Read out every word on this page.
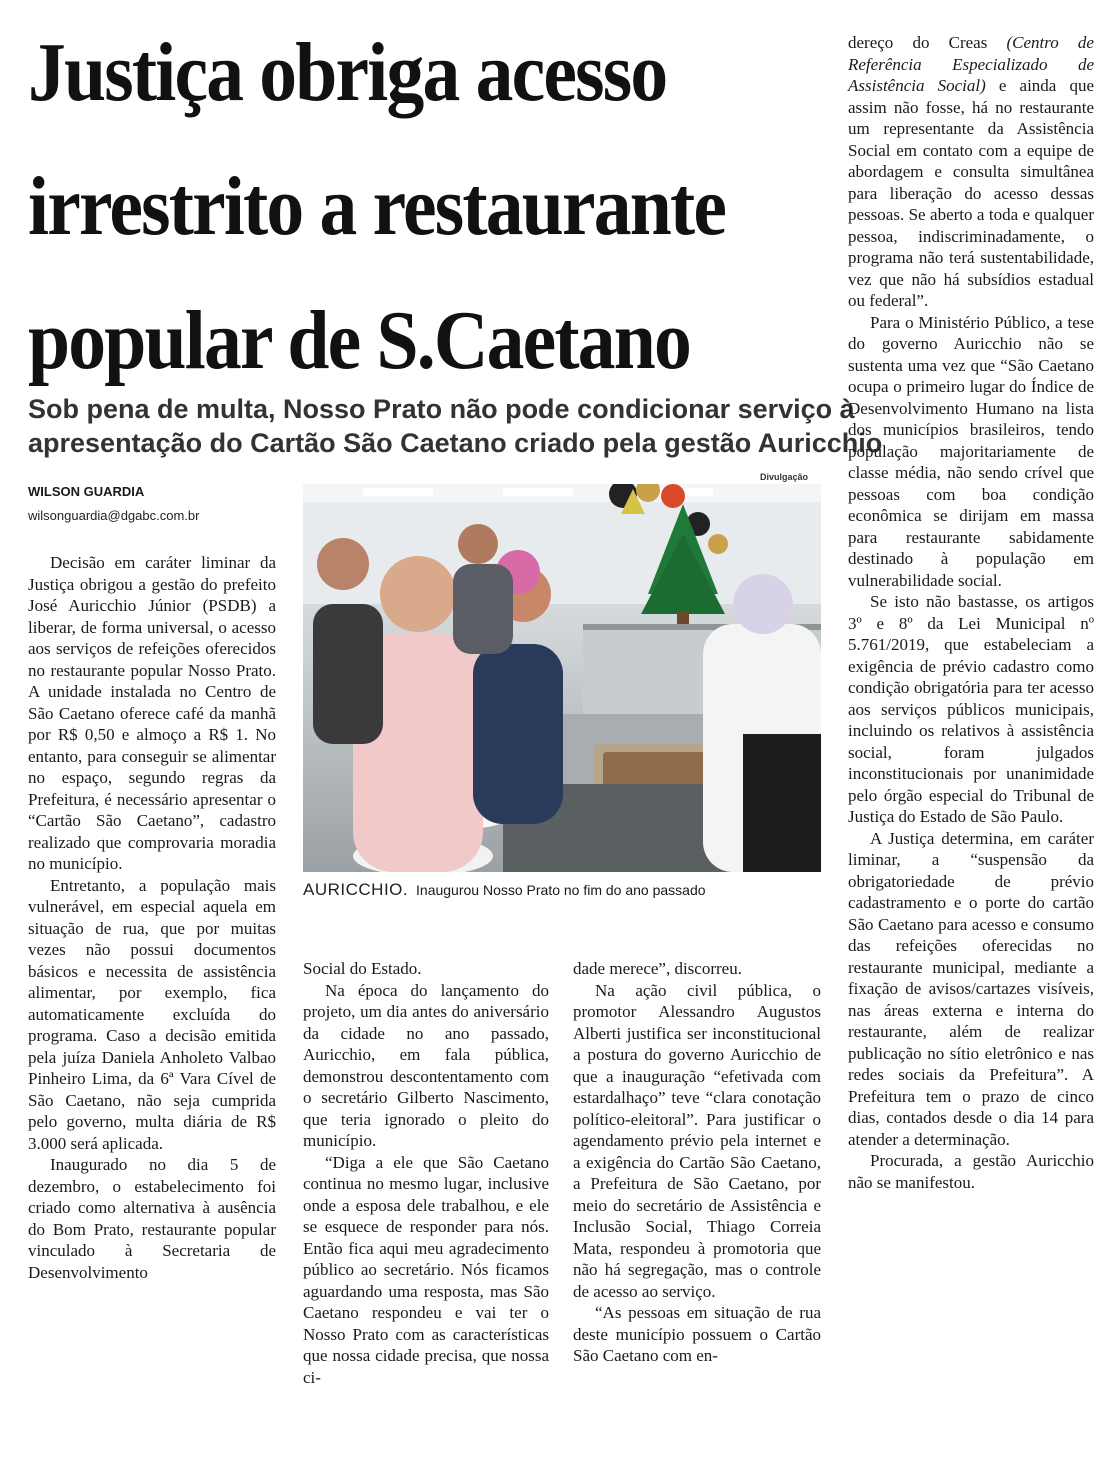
Justiça obriga acesso
irrestrito a restaurante
popular de S.Caetano
Sob pena de multa, Nosso Prato não pode condicionar serviço à
apresentação do Cartão São Caetano criado pela gestão Auricchio
WILSON GUARDIA
wilsonguardia@dgabc.com.br
Divulgação
AURICCHIO. Inaugurou Nosso Prato no fim do ano passado

Decisão em caráter liminar da Justiça obrigou a gestão do prefeito José Auricchio Júnior (PSDB) a liberar, de forma universal, o acesso aos serviços de refeições oferecidos no restaurante popular Nosso Prato. A unidade instalada no Centro de São Caetano oferece café da manhã por R$ 0,50 e almoço a R$ 1. No entanto, para conseguir se alimentar no espaço, segundo regras da Prefeitura, é necessário apresentar o “Cartão São Caetano”, cadastro realizado que comprovaria moradia no município.

Entretanto, a população mais vulnerável, em especial aquela em situação de rua, que por muitas vezes não possui documentos básicos e necessita de assistência alimentar, por exemplo, fica automaticamente excluída do programa. Caso a decisão emitida pela juíza Daniela Anholeto Valbao Pinheiro Lima, da 6ª Vara Cível de São Caetano, não seja cumprida pelo governo, multa diária de R$ 3.000 será aplicada.

Inaugurado no dia 5 de dezembro, o estabelecimento foi criado como alternativa à ausência do Bom Prato, restaurante popular vinculado à Secretaria de Desenvolvimento

Social do Estado.

Na época do lançamento do projeto, um dia antes do aniversário da cidade no ano passado, Auricchio, em fala pública, demonstrou descontentamento com o secretário Gilberto Nascimento, que teria ignorado o pleito do município.

“Diga a ele que São Caetano continua no mesmo lugar, inclusive onde a esposa dele trabalhou, e ele se esquece de responder para nós. Então fica aqui meu agradecimento público ao secretário. Nós ficamos aguardando uma resposta, mas São Caetano respondeu e vai ter o Nosso Prato com as características que nossa cidade precisa, que nossa ci-

dade merece”, discorreu.

Na ação civil pública, o promotor Alessandro Augustos Alberti justifica ser inconstitucional a postura do governo Auricchio de que a inauguração “efetivada com estardalhaço” teve “clara conotação político-eleitoral”. Para justificar o agendamento prévio pela internet e a exigência do Cartão São Caetano, a Prefeitura de São Caetano, por meio do secretário de Assistência e Inclusão Social, Thiago Correia Mata, respondeu à promotoria que não há segregação, mas o controle de acesso ao serviço.

“As pessoas em situação de rua deste município possuem o Cartão São Caetano com en-

dereço do Creas (Centro de Referência Especializado de Assistência Social) e ainda que assim não fosse, há no restaurante um representante da Assistência Social em contato com a equipe de abordagem e consulta simultânea para liberação do acesso dessas pessoas. Se aberto a toda e qualquer pessoa, indiscriminadamente, o programa não terá sustentabilidade, vez que não há subsídios estadual ou federal”.

Para o Ministério Público, a tese do governo Auricchio não se sustenta uma vez que “São Caetano ocupa o primeiro lugar do Índice de Desenvolvimento Humano na lista dos municípios brasileiros, tendo população majoritariamente de classe média, não sendo crível que pessoas com boa condição econômica se dirijam em massa para restaurante sabidamente destinado à população em vulnerabilidade social.

Se isto não bastasse, os artigos 3º e 8º da Lei Municipal nº 5.761/2019, que estabeleciam a exigência de prévio cadastro como condição obrigatória para ter acesso aos serviços públicos municipais, incluindo os relativos à assistência social, foram julgados inconstitucionais por unanimidade pelo órgão especial do Tribunal de Justiça do Estado de São Paulo.

A Justiça determina, em caráter liminar, a “suspensão da obrigatoriedade de prévio cadastramento e o porte do cartão São Caetano para acesso e consumo das refeições oferecidas no restaurante municipal, mediante a fixação de avisos/cartazes visíveis, nas áreas externa e interna do restaurante, além de realizar publicação no sítio eletrônico e nas redes sociais da Prefeitura”. A Prefeitura tem o prazo de cinco dias, contados desde o dia 14 para atender a determinação.

Procurada, a gestão Auricchio não se manifestou.
